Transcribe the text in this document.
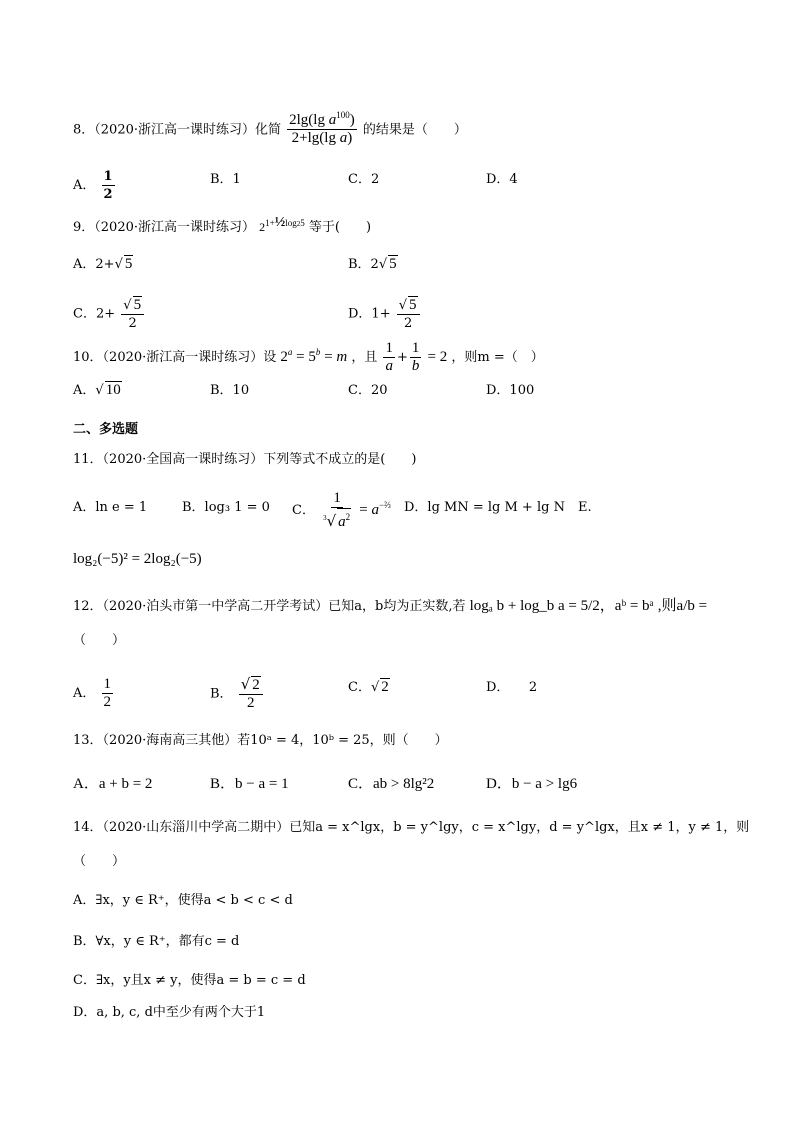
8．（2020·浙江高一课时练习）化简 $\frac{2\lg(\lg a^{100})}{\text{2+lg(lg a)}}$ 的结果是（　　）
A． $\frac{1}{2}$	B．1	C．2	D．4
9．（2020·浙江高一课时练习） $2^{1+\frac{1}{2}log25}$ 等于(　　)
A．2+√ 5	B．2√ 5
C．$2+ \frac{√ 5}{2}$	D．$1+ \frac{√ 5}{2}$
10．（2020·浙江高一课时练习）设 $2^a = 5^b = m$ ，且 $\frac{1}{a} + \frac{1}{b} = 2$ ，则m =（　）
A．√ 10	B．10	C．20	D．100
二、多选题
11．（2020·全国高一课时练习）下列等式不成立的是(　　)
A．ln e = 1	B．log₃ 1 = 0 C． $\frac{1}{^3√ a^2} = a^{-\frac{2}{3}}$ D．lg MN = lg M + lg N E.
log₂(−5)² = 2log₂(−5)
12．（2020·泊头市第一中学高二开学考试）已知a，b均为正实数,若 logₐ b + log_b a = 5/2，aᵇ = bᵃ ,则a/b =
（　　）
A． $\frac{1}{2}$	B． $\frac{√ 2}{2}$	C．√ 2	D．　　2
13．（2020·海南高三其他）若10ᵃ = 4，10ᵇ = 25，则（　　）
A．a + b = 2	B．b − a = 1	C．ab > 8lg²2	D．b − a > lg6
14．（2020·山东淄川中学高二期中）已知a = x^lgx，b = y^lgy，c = x^lgy，d = y^lgx，且x ≠ 1，y ≠ 1，则
（　　）
A．∃x，y ∈ R⁺，使得a < b < c < d
B．∀x，y ∈ R⁺，都有c = d
C．∃x，y且x ≠ y，使得a = b = c = d
D．a, b, c, d中至少有两个大于1
